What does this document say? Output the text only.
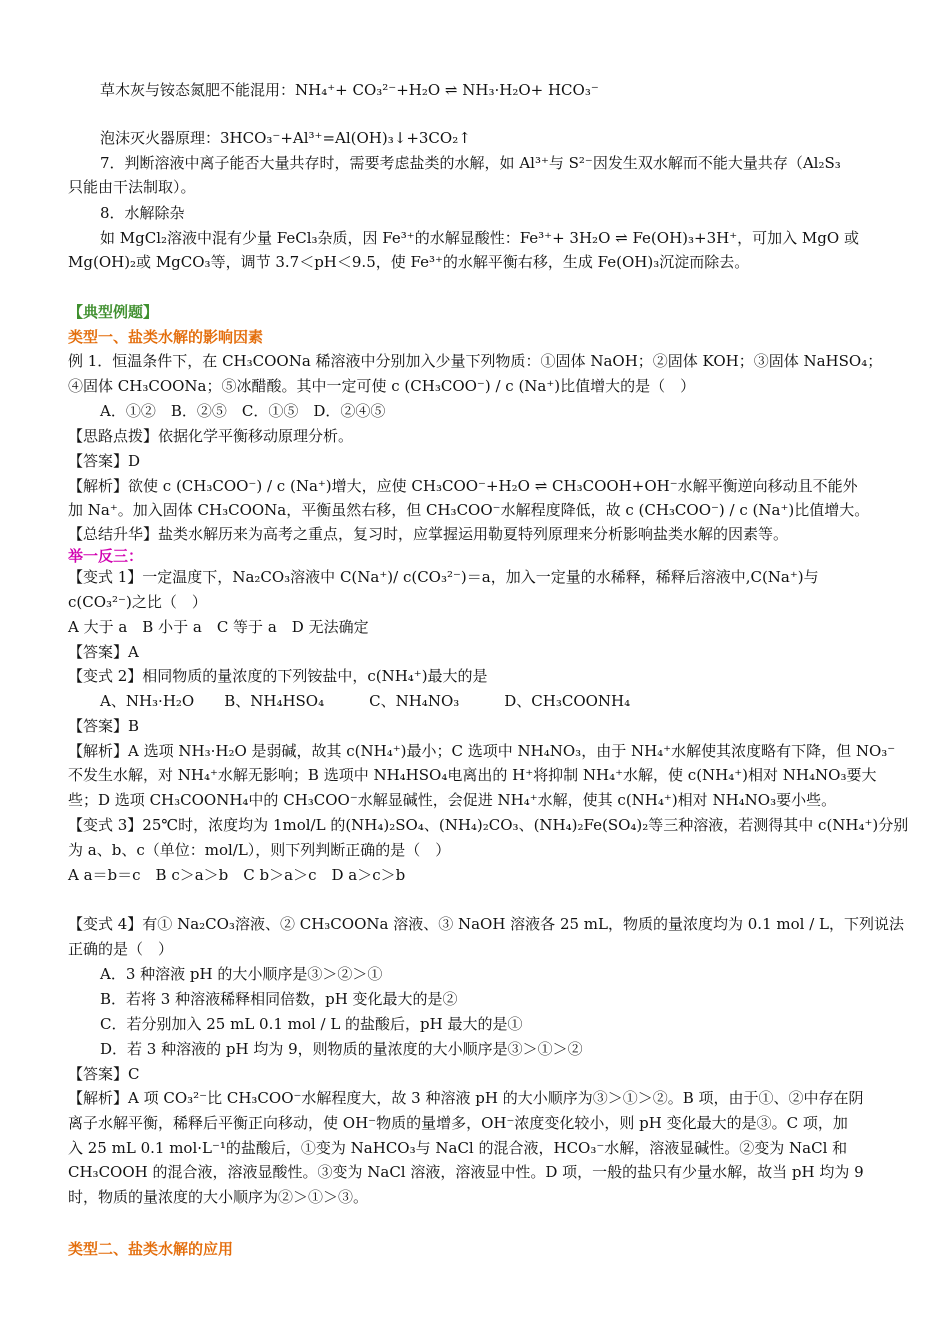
草木灰与铵态氮肥不能混用：NH₄⁺+ CO₃²⁻+H₂O ⇌ NH₃·H₂O+ HCO₃⁻
泡沫灭火器原理：3HCO₃⁻+Al³⁺=Al(OH)₃↓+3CO₂↑
7．判断溶液中离子能否大量共存时，需要考虑盐类的水解，如 Al³⁺与 S²⁻因发生双水解而不能大量共存（Al₂S₃
只能由干法制取）。
8．水解除杂
如 MgCl₂溶液中混有少量 FeCl₃杂质，因 Fe³⁺的水解显酸性：Fe³⁺+ 3H₂O ⇌ Fe(OH)₃+3H⁺，可加入 MgO 或
Mg(OH)₂或 MgCO₃等，调节 3.7＜pH＜9.5，使 Fe³⁺的水解平衡右移，生成 Fe(OH)₃沉淀而除去。
【典型例题】
类型一、盐类水解的影响因素
例 1．恒温条件下，在 CH₃COONa 稀溶液中分别加入少量下列物质：①固体 NaOH；②固体 KOH；③固体 NaHSO₄；
④固体 CH₃COONa；⑤冰醋酸。其中一定可使 c (CH₃COO⁻) / c (Na⁺)比值增大的是（　）
A．①②　B．②⑤　C．①⑤　D．②④⑤
【思路点拨】依据化学平衡移动原理分析。
【答案】D
【解析】欲使 c (CH₃COO⁻) / c (Na⁺)增大，应使 CH₃COO⁻+H₂O ⇌ CH₃COOH+OH⁻水解平衡逆向移动且不能外
加 Na⁺。加入固体 CH₃COONa，平衡虽然右移，但 CH₃COO⁻水解程度降低，故 c (CH₃COO⁻) / c (Na⁺)比值增大。
【总结升华】盐类水解历来为高考之重点，复习时，应掌握运用勒夏特列原理来分析影响盐类水解的因素等。
举一反三：
【变式 1】一定温度下，Na₂CO₃溶液中 C(Na⁺)/ c(CO₃²⁻)＝a，加入一定量的水稀释，稀释后溶液中,C(Na⁺)与
c(CO₃²⁻)之比（　）
A 大于 a　B 小于 a　C 等于 a　D 无法确定
【答案】A
【变式 2】相同物质的量浓度的下列铵盐中，c(NH₄⁺)最大的是
A、NH₃·H₂O　　B、NH₄HSO₄　　　C、NH₄NO₃　　　D、CH₃COONH₄
【答案】B
【解析】A 选项 NH₃·H₂O 是弱碱，故其 c(NH₄⁺)最小；C 选项中 NH₄NO₃，由于 NH₄⁺水解使其浓度略有下降，但 NO₃⁻
不发生水解，对 NH₄⁺水解无影响；B 选项中 NH₄HSO₄电离出的 H⁺将抑制 NH₄⁺水解，使 c(NH₄⁺)相对 NH₄NO₃要大
些；D 选项 CH₃COONH₄中的 CH₃COO⁻水解显碱性，会促进 NH₄⁺水解，使其 c(NH₄⁺)相对 NH₄NO₃要小些。
【变式 3】25℃时，浓度均为 1mol/L 的(NH₄)₂SO₄、(NH₄)₂CO₃、(NH₄)₂Fe(SO₄)₂等三种溶液，若测得其中 c(NH₄⁺)分别
为 a、b、c（单位：mol/L），则下列判断正确的是（　）
A a＝b＝c　B c＞a＞b　C b＞a＞c　D a＞c＞b
【变式 4】有① Na₂CO₃溶液、② CH₃COONa 溶液、③ NaOH 溶液各 25 mL，物质的量浓度均为 0.1 mol / L，下列说法
正确的是（　）
A．3 种溶液 pH 的大小顺序是③＞②＞①
B．若将 3 种溶液稀释相同倍数，pH 变化最大的是②
C．若分别加入 25 mL 0.1 mol / L 的盐酸后，pH 最大的是①
D．若 3 种溶液的 pH 均为 9，则物质的量浓度的大小顺序是③＞①＞②
【答案】C
【解析】A 项 CO₃²⁻比 CH₃COO⁻水解程度大，故 3 种溶液 pH 的大小顺序为③＞①＞②。B 项，由于①、②中存在阴
离子水解平衡，稀释后平衡正向移动，使 OH⁻物质的量增多，OH⁻浓度变化较小，则 pH 变化最大的是③。C 项，加
入 25 mL 0.1 mol·L⁻¹的盐酸后，①变为 NaHCO₃与 NaCl 的混合液，HCO₃⁻水解，溶液显碱性。②变为 NaCl 和
CH₃COOH 的混合液，溶液显酸性。③变为 NaCl 溶液，溶液显中性。D 项，一般的盐只有少量水解，故当 pH 均为 9
时，物质的量浓度的大小顺序为②＞①＞③。
类型二、盐类水解的应用
